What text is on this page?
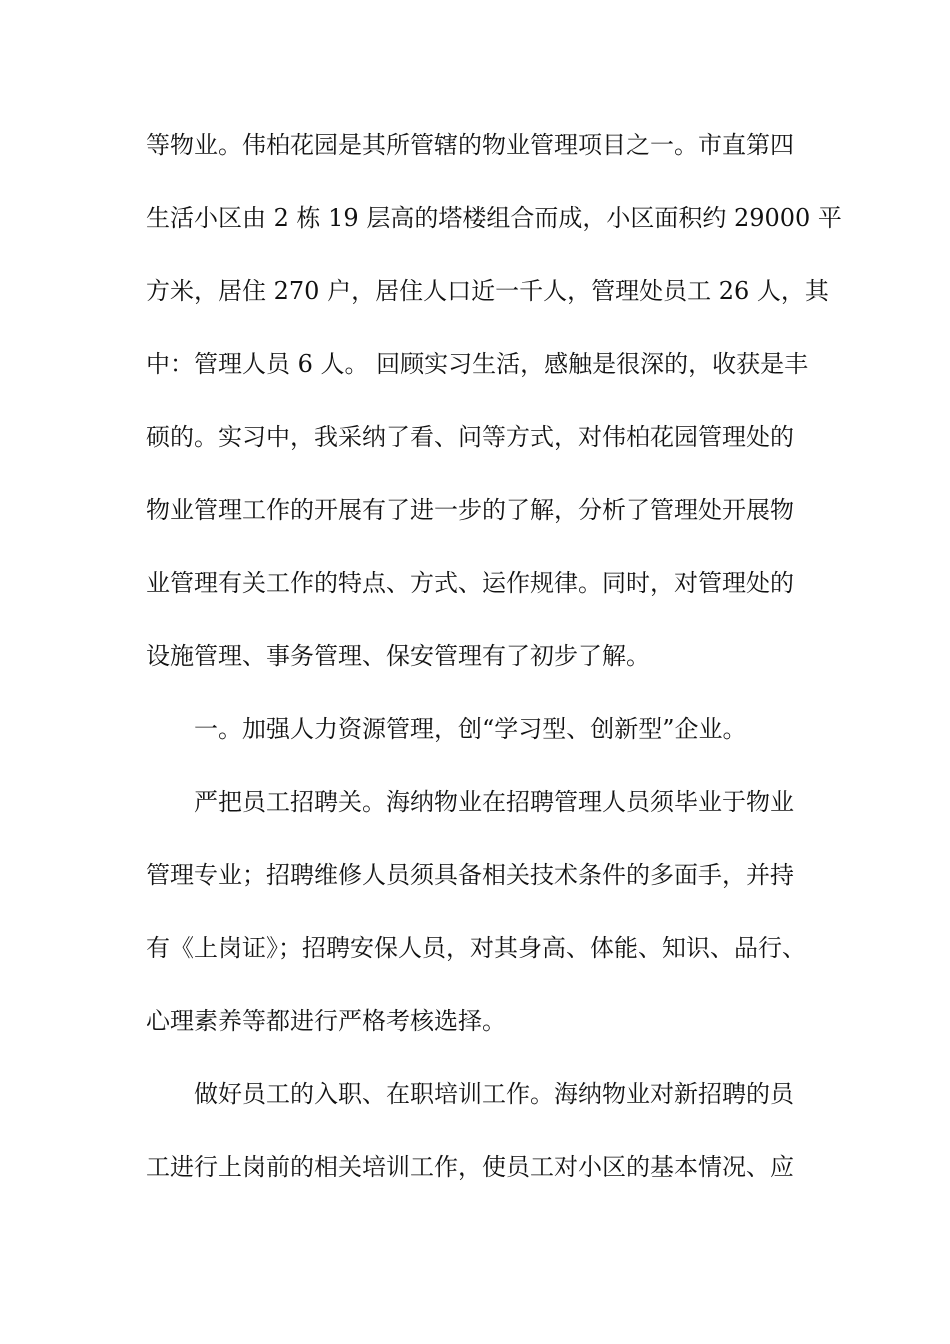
等物业。伟柏花园是其所管辖的物业管理项目之一。市直第四
生活小区由 2 栋 19 层高的塔楼组合而成，小区面积约 29000 平
方米，居住 270 户，居住人口近一千人，管理处员工 26 人，其
中：管理人员 6 人。 回顾实习生活，感触是很深的，收获是丰
硕的。实习中，我采纳了看、问等方式，对伟柏花园管理处的
物业管理工作的开展有了进一步的了解，分析了管理处开展物
业管理有关工作的特点、方式、运作规律。同时，对管理处的
设施管理、事务管理、保安管理有了初步了解。
一。加强人力资源管理，创“学习型、创新型”企业。
严把员工招聘关。海纳物业在招聘管理人员须毕业于物业
管理专业；招聘维修人员须具备相关技术条件的多面手，并持
有《上岗证》；招聘安保人员，对其身高、体能、知识、品行、
心理素养等都进行严格考核选择。
做好员工的入职、在职培训工作。海纳物业对新招聘的员
工进行上岗前的相关培训工作，使员工对小区的基本情况、应
